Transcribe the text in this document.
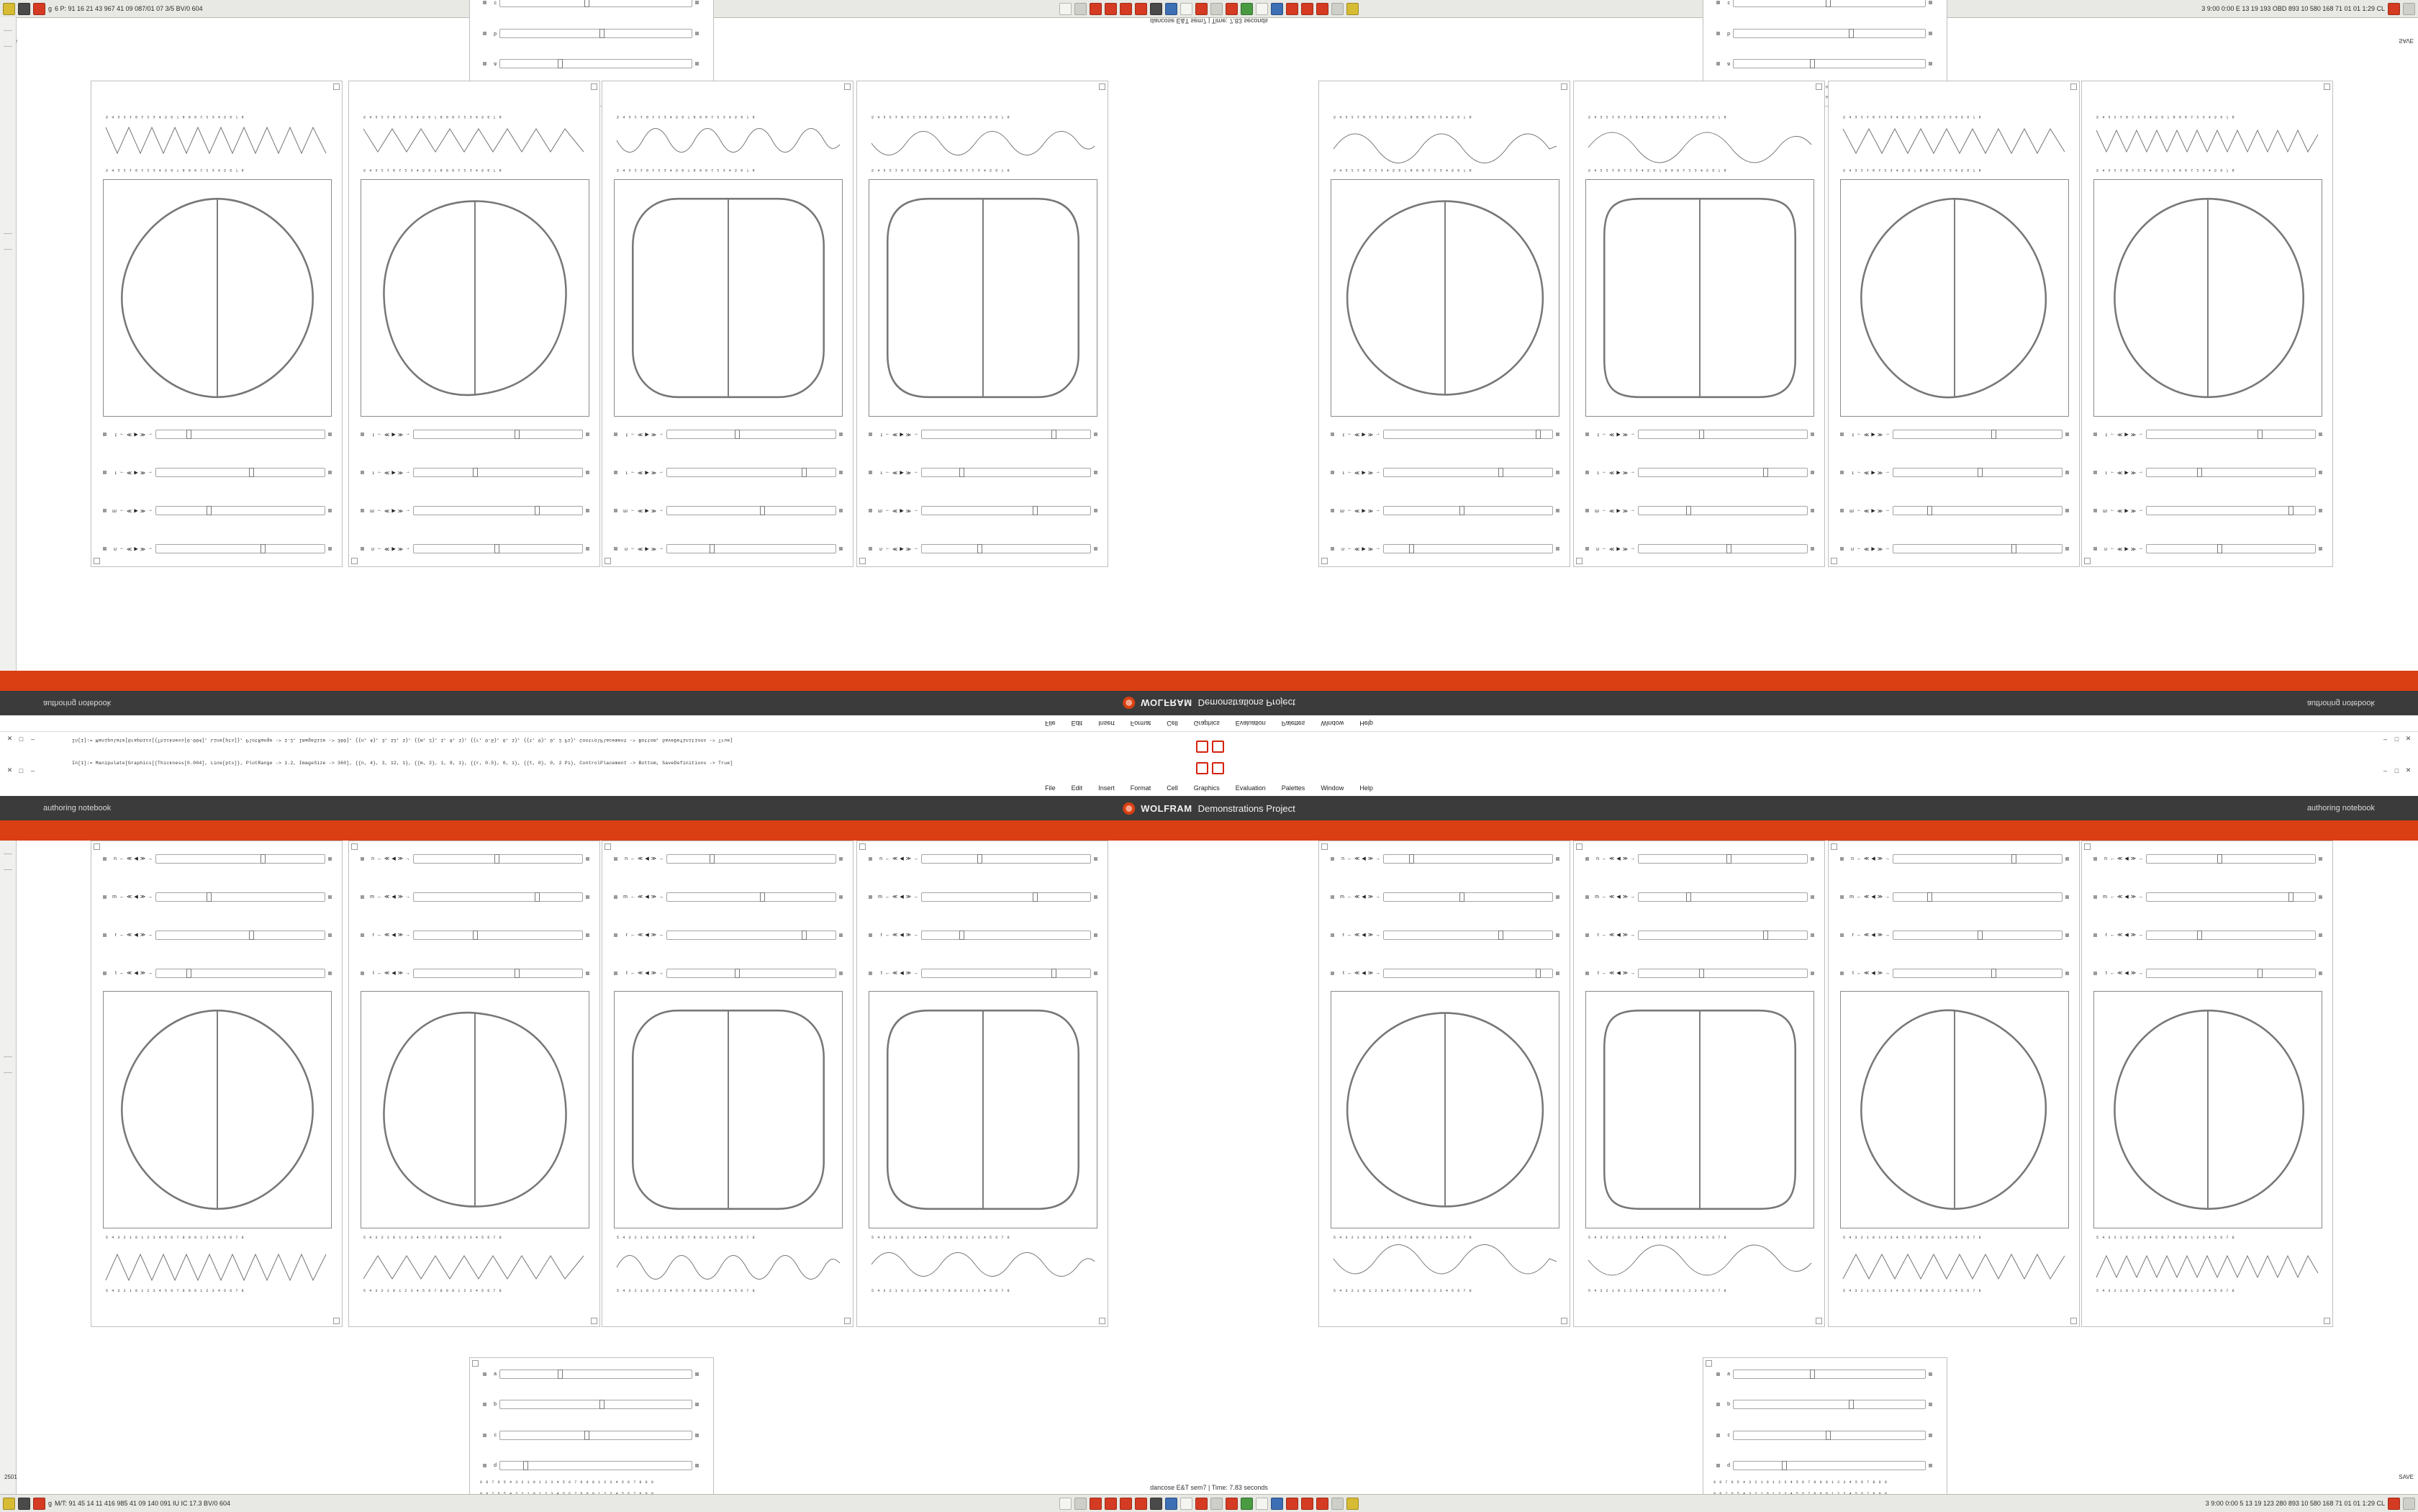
g 6 P: 91 16 21 43 967 41 09 087/01 07 3/5 BV/0 604	3 9:00 0:00 E 13 19 193 OBD 893 10 580 168 71 01 01 1:29 CL
dancose E&T sem7 | Time: 7.83 seconds
SAVE
a
b
c
0
0
a
b
c
n ← ≪ ▶ ≫ →
m ← ≪ ▶ ≫ →
r ← ≪ ▶ ≫ →
t ← ≪ ▶ ≫ →
5 4 3 2 1 0 1 2 3 4 5 6 7 8 9 0 1 2 3 4 5 6 7 8
5 4 3 2 1 0 1 2 3 4 5 6 7 8 9 0 1 2 3 4 5 6 7 8
n ← ≪ ▶ ≫ →
m ← ≪ ▶ ≫ →
r ← ≪ ▶ ≫ →
t ← ≪ ▶ ≫ →
5 4 3 2 1 0 1 2 3 4 5 6 7 8 9 0 1 2 3 4 5 6 7 8
5 4 3 2 1 0 1 2 3 4 5 6 7 8 9 0 1 2 3 4 5 6 7 8
n ← ≪ ▶ ≫ →
m ← ≪ ▶ ≫ →
r ← ≪ ▶ ≫ →
t ← ≪ ▶ ≫ →
5 4 3 2 1 0 1 2 3 4 5 6 7 8 9 0 1 2 3 4 5 6 7 8
5 4 3 2 1 0 1 2 3 4 5 6 7 8 9 0 1 2 3 4 5 6 7 8
n ← ≪ ▶ ≫ →
m ← ≪ ▶ ≫ →
r ← ≪ ▶ ≫ →
t ← ≪ ▶ ≫ →
5 4 3 2 1 0 1 2 3 4 5 6 7 8 9 0 1 2 3 4 5 6 7 8
5 4 3 2 1 0 1 2 3 4 5 6 7 8 9 0 1 2 3 4 5 6 7 8
n ← ≪ ▶ ≫ →
m ← ≪ ▶ ≫ →
r ← ≪ ▶ ≫ →
t ← ≪ ▶ ≫ →
5 4 3 2 1 0 1 2 3 4 5 6 7 8 9 0 1 2 3 4 5 6 7 8
5 4 3 2 1 0 1 2 3 4 5 6 7 8 9 0 1 2 3 4 5 6 7 8
n ← ≪ ▶ ≫ →
m ← ≪ ▶ ≫ →
r ← ≪ ▶ ≫ →
t ← ≪ ▶ ≫ →
5 4 3 2 1 0 1 2 3 4 5 6 7 8 9 0 1 2 3 4 5 6 7 8
5 4 3 2 1 0 1 2 3 4 5 6 7 8 9 0 1 2 3 4 5 6 7 8
n ← ≪ ▶ ≫ →
m ← ≪ ▶ ≫ →
r ← ≪ ▶ ≫ →
t ← ≪ ▶ ≫ →
5 4 3 2 1 0 1 2 3 4 5 6 7 8 9 0 1 2 3 4 5 6 7 8
5 4 3 2 1 0 1 2 3 4 5 6 7 8 9 0 1 2 3 4 5 6 7 8
n ← ≪ ▶ ≫ →
m ← ≪ ▶ ≫ →
r ← ≪ ▶ ≫ →
t ← ≪ ▶ ≫ →
5 4 3 2 1 0 1 2 3 4 5 6 7 8 9 0 1 2 3 4 5 6 7 8
5 4 3 2 1 0 1 2 3 4 5 6 7 8 9 0 1 2 3 4 5 6 7 8
authoring notebook	WOLFRAM Demonstrations Project	authoring notebook
File Edit Insert Format Cell Graphics Evaluation Palettes Window Help
In[1]:= Manipulate[Graphics[{Thickness[0.004], Line[pts]}, PlotRange -> 1.2, ImageSize -> 360], {{n, 4}, 3, 12, 1}, {{m, 2}, 1, 8, 1}, {{r, 0.5}, 0, 1}, {{t, 0}, 0, 2 Pi}, ControlPlacement -> Bottom, SaveDefinitions -> True]
In[1]:= Manipulate[Graphics[{Thickness[0.004], Line[pts]}, PlotRange -> 1.2, ImageSize -> 360], {{n, 4}, 3, 12, 1}, {{m, 2}, 1, 8, 1}, {{r, 0.5}, 0, 1}, {{t, 0}, 0, 2 Pi}, ControlPlacement -> Bottom, SaveDefinitions -> True]
✕	□	–
✕	□	–
–	□	✕
–	□	✕
File Edit Insert Format Cell Graphics Evaluation Palettes Window Help
authoring notebook	WOLFRAM Demonstrations Project	authoring notebook
n ← ≪ ◀ ≫ →
m ← ≪ ◀ ≫ →
r ← ≪ ◀ ≫ →
t ← ≪ ◀ ≫ →
5 4 3 2 1 0 1 2 3 4 5 6 7 8 9 0 1 2 3 4 5 6 7 8
5 4 3 2 1 0 1 2 3 4 5 6 7 8 9 0 1 2 3 4 5 6 7 8
n ← ≪ ◀ ≫ →
m ← ≪ ◀ ≫ →
r ← ≪ ◀ ≫ →
t ← ≪ ◀ ≫ →
5 4 3 2 1 0 1 2 3 4 5 6 7 8 9 0 1 2 3 4 5 6 7 8
5 4 3 2 1 0 1 2 3 4 5 6 7 8 9 0 1 2 3 4 5 6 7 8
n ← ≪ ◀ ≫ →
m ← ≪ ◀ ≫ →
r ← ≪ ◀ ≫ →
t ← ≪ ◀ ≫ →
5 4 3 2 1 0 1 2 3 4 5 6 7 8 9 0 1 2 3 4 5 6 7 8
5 4 3 2 1 0 1 2 3 4 5 6 7 8 9 0 1 2 3 4 5 6 7 8
n ← ≪ ◀ ≫ →
m ← ≪ ◀ ≫ →
r ← ≪ ◀ ≫ →
t ← ≪ ◀ ≫ →
5 4 3 2 1 0 1 2 3 4 5 6 7 8 9 0 1 2 3 4 5 6 7 8
5 4 3 2 1 0 1 2 3 4 5 6 7 8 9 0 1 2 3 4 5 6 7 8
n ← ≪ ◀ ≫ →
m ← ≪ ◀ ≫ →
r ← ≪ ◀ ≫ →
t ← ≪ ◀ ≫ →
5 4 3 2 1 0 1 2 3 4 5 6 7 8 9 0 1 2 3 4 5 6 7 8
5 4 3 2 1 0 1 2 3 4 5 6 7 8 9 0 1 2 3 4 5 6 7 8
n ← ≪ ◀ ≫ →
m ← ≪ ◀ ≫ →
r ← ≪ ◀ ≫ →
t ← ≪ ◀ ≫ →
5 4 3 2 1 0 1 2 3 4 5 6 7 8 9 0 1 2 3 4 5 6 7 8
5 4 3 2 1 0 1 2 3 4 5 6 7 8 9 0 1 2 3 4 5 6 7 8
n ← ≪ ◀ ≫ →
m ← ≪ ◀ ≫ →
r ← ≪ ◀ ≫ →
t ← ≪ ◀ ≫ →
5 4 3 2 1 0 1 2 3 4 5 6 7 8 9 0 1 2 3 4 5 6 7 8
5 4 3 2 1 0 1 2 3 4 5 6 7 8 9 0 1 2 3 4 5 6 7 8
n ← ≪ ◀ ≫ →
m ← ≪ ◀ ≫ →
r ← ≪ ◀ ≫ →
t ← ≪ ◀ ≫ →
5 4 3 2 1 0 1 2 3 4 5 6 7 8 9 0 1 2 3 4 5 6 7 8
5 4 3 2 1 0 1 2 3 4 5 6 7 8 9 0 1 2 3 4 5 6 7 8
a
b
c
d
9 8 7 6 5 4 3 2 1 0 1 2 3 4 5 6 7 8 9 0 1 2 3 4 5 6 7 8 9 0
a
b
c
d
9 8 7 6 5 4 3 2 1 0 1 2 3 4 5 6 7 8 9 0 1 2 3 4 5 6 7 8 9 0
dancose E&T sem7 | Time: 7.83 seconds
2501	SAVE
g M/T: 91 45 14 11 416 985 41 09 140 091 IU IC 17.3 BV/0 604	3 9:00 0:00 5 13 19 123 280 893 10 580 168 71 01 01 1:29 CL
